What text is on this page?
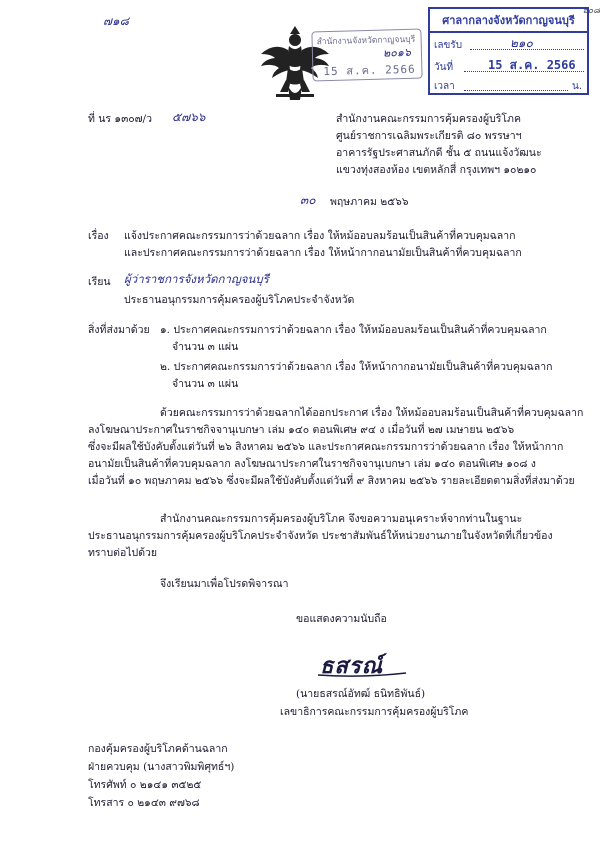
๗๑๘
๖๐๘
สำนักงานจังหวัดกาญจนบุรี
๒๐๑๖
15 ส.ค. 2566
ศาลากลางจังหวัดกาญจนบุรี
เลขรับ	๒๑๐
วันที่	15 ส.ค. 2566
เวลา	น.
ที่ นร ๑๓๐๗/ว ๕๗๖๖	สำนักงานคณะกรรมการคุ้มครองผู้บริโภค
ศูนย์ราชการเฉลิมพระเกียรติ ๘๐ พรรษาฯ
อาคารรัฐประศาสนภักดี ชั้น ๕ ถนนแจ้งวัฒนะ
แขวงทุ่งสองห้อง เขตหลักสี่ กรุงเทพฯ ๑๐๒๑๐
๓๐ พฤษภาคม ๒๕๖๖
เรื่อง แจ้งประกาศคณะกรรมการว่าด้วยฉลาก เรื่อง ให้หม้ออบลมร้อนเป็นสินค้าที่ควบคุมฉลาก
และประกาศคณะกรรมการว่าด้วยฉลาก เรื่อง ให้หน้ากากอนามัยเป็นสินค้าที่ควบคุมฉลาก
เรียน ผู้ว่าราชการจังหวัดกาญจนบุรี
ประธานอนุกรรมการคุ้มครองผู้บริโภคประจำจังหวัด
สิ่งที่ส่งมาด้วย ๑. ประกาศคณะกรรมการว่าด้วยฉลาก เรื่อง ให้หม้ออบลมร้อนเป็นสินค้าที่ควบคุมฉลาก
จำนวน ๓ แผ่น
๒. ประกาศคณะกรรมการว่าด้วยฉลาก เรื่อง ให้หน้ากากอนามัยเป็นสินค้าที่ควบคุมฉลาก
จำนวน ๓ แผ่น
ด้วยคณะกรรมการว่าด้วยฉลากได้ออกประกาศ เรื่อง ให้หม้ออบลมร้อนเป็นสินค้าที่ควบคุมฉลาก
ลงโฆษณาประกาศในราชกิจจานุเบกษา เล่ม ๑๔๐ ตอนพิเศษ ๙๔ ง เมื่อวันที่ ๒๗ เมษายน ๒๕๖๖
ซึ่งจะมีผลใช้บังคับตั้งแต่วันที่ ๒๖ สิงหาคม ๒๕๖๖ และประกาศคณะกรรมการว่าด้วยฉลาก เรื่อง ให้หน้ากาก
อนามัยเป็นสินค้าที่ควบคุมฉลาก ลงโฆษณาประกาศในราชกิจจานุเบกษา เล่ม ๑๔๐ ตอนพิเศษ ๑๐๘ ง
เมื่อวันที่ ๑๐ พฤษภาคม ๒๕๖๖ ซึ่งจะมีผลใช้บังคับตั้งแต่วันที่ ๙ สิงหาคม ๒๕๖๖ รายละเอียดตามสิ่งที่ส่งมาด้วย
สำนักงานคณะกรรมการคุ้มครองผู้บริโภค จึงขอความอนุเคราะห์จากท่านในฐานะ
ประธานอนุกรรมการคุ้มครองผู้บริโภคประจำจังหวัด ประชาสัมพันธ์ให้หน่วยงานภายในจังหวัดที่เกี่ยวข้อง
ทราบต่อไปด้วย
จึงเรียนมาเพื่อโปรดพิจารณา
ขอแสดงความนับถือ
ธสรณ์
(นายธสรณ์อัทฒ์ ธนิทธิพันธ์)
เลขาธิการคณะกรรมการคุ้มครองผู้บริโภค
กองคุ้มครองผู้บริโภคด้านฉลาก
ฝ่ายควบคุม (นางสาวพิมพิศุทธ์ฯ)
โทรศัพท์ ๐ ๒๑๔๑ ๓๕๒๕
โทรสาร ๐ ๒๑๔๓ ๙๗๖๘
